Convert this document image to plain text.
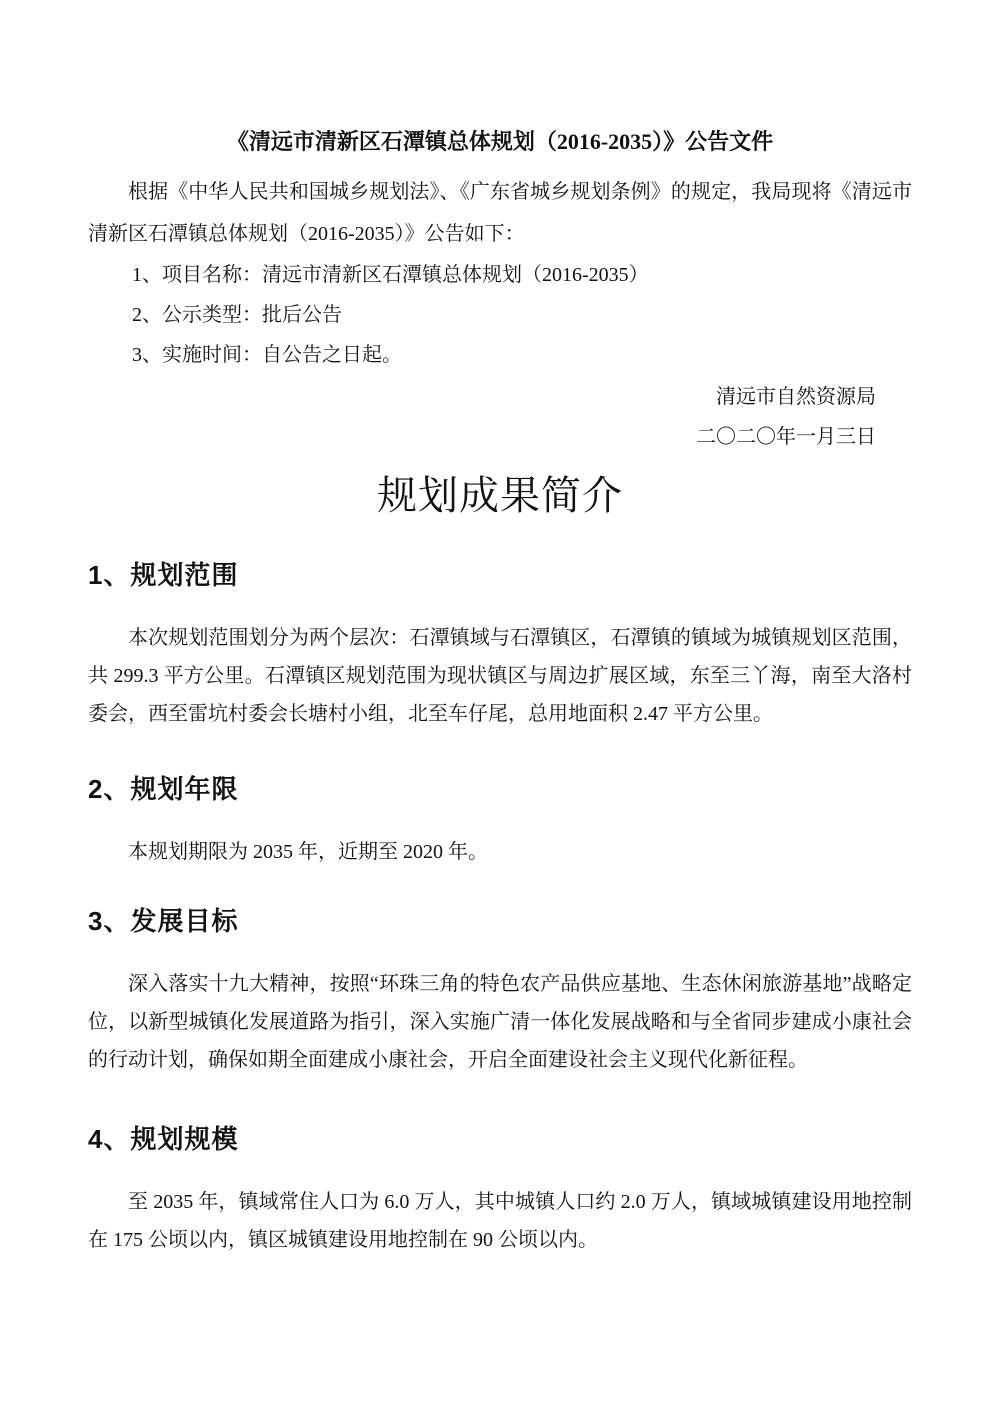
《清远市清新区石潭镇总体规划（2016-2035）》公告文件

根据《中华人民共和国城乡规划法》、《广东省城乡规划条例》的规定，我局现将《清远市清新区石潭镇总体规划（2016-2035）》公告如下：

1、项目名称：清远市清新区石潭镇总体规划（2016-2035）
2、公示类型：批后公告
3、实施时间：自公告之日起。
清远市自然资源局
二〇二〇年一月三日
规划成果简介
1、规划范围

本次规划范围划分为两个层次：石潭镇域与石潭镇区，石潭镇的镇域为城镇规划区范围，共 299.3 平方公里。石潭镇区规划范围为现状镇区与周边扩展区域，东至三丫海，南至大洛村委会，西至雷坑村委会长塘村小组，北至车仔尾，总用地面积 2.47 平方公里。

2、规划年限

本规划期限为 2035 年，近期至 2020 年。

3、发展目标

深入落实十九大精神，按照“环珠三角的特色农产品供应基地、生态休闲旅游基地”战略定位，以新型城镇化发展道路为指引，深入实施广清一体化发展战略和与全省同步建成小康社会的行动计划，确保如期全面建成小康社会，开启全面建设社会主义现代化新征程。

4、规划规模

至 2035 年，镇域常住人口为 6.0 万人，其中城镇人口约 2.0 万人，镇域城镇建设用地控制在 175 公顷以内，镇区城镇建设用地控制在 90 公顷以内。
